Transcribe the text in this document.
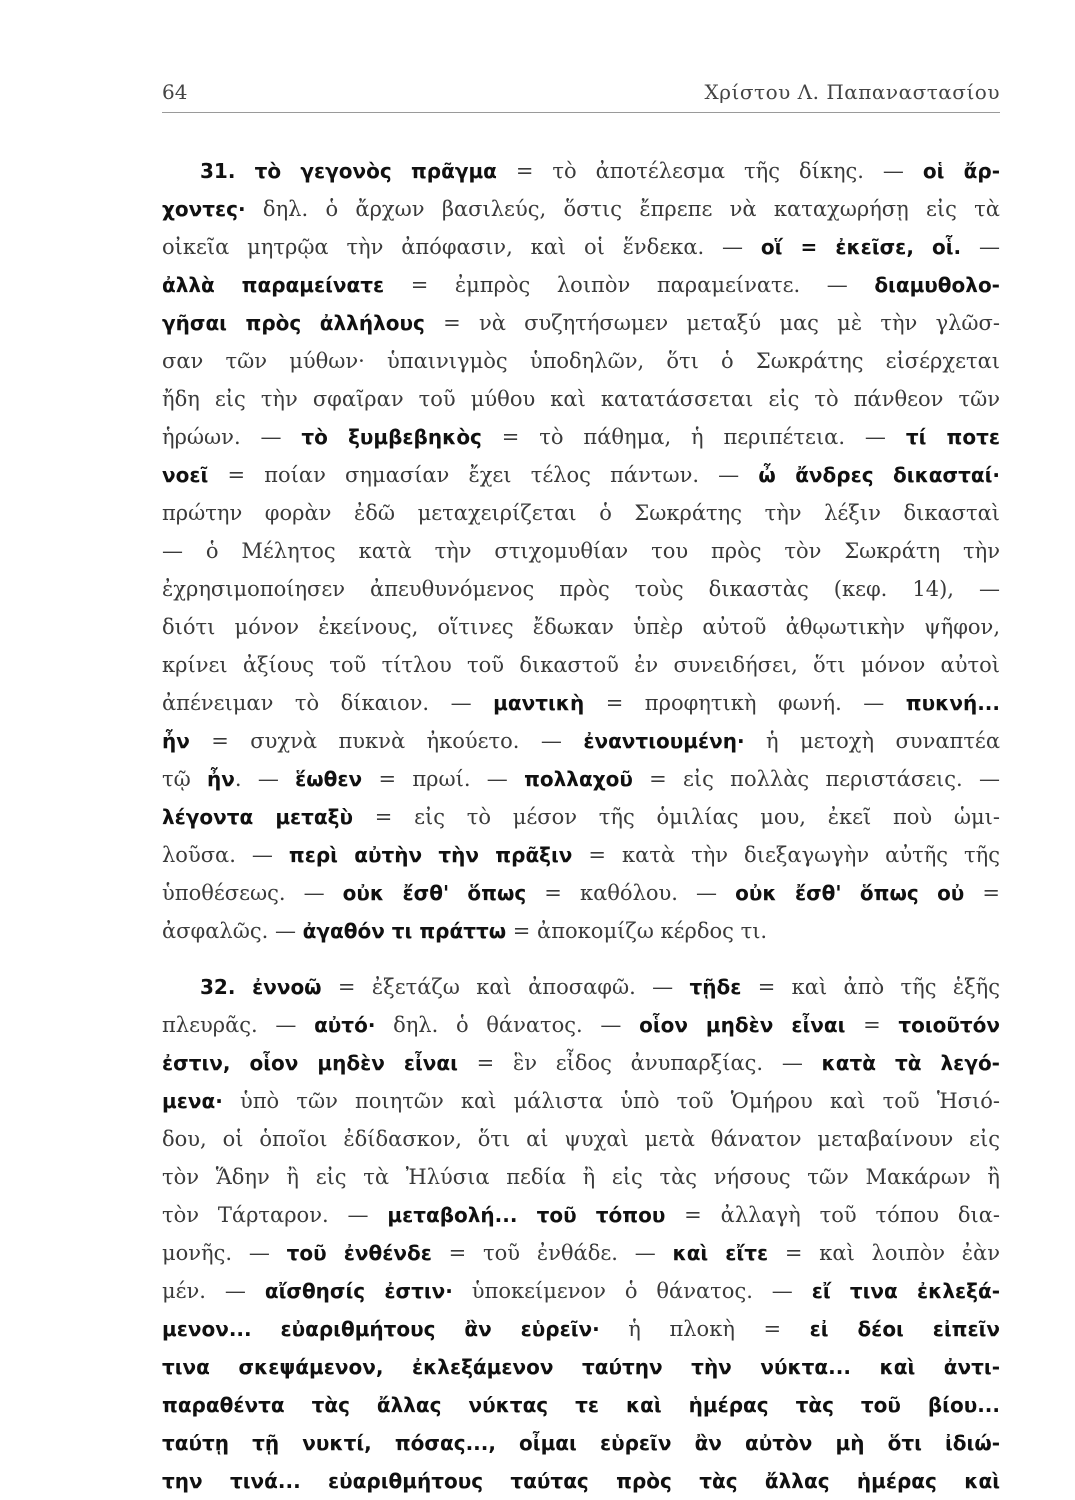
64	Χρίστου Λ. Παπαναστασίου
31. τὸ γεγονὸς πρᾶγμα = τὸ ἀποτέλεσμα τῆς δίκης. — οἱ ἄρ-
χοντες· δηλ. ὁ ἄρχων βασιλεύς, ὅστις ἔπρεπε νὰ καταχωρήσῃ εἰς τὰ
οἰκεῖα μητρῷα τὴν ἀπόφασιν, καὶ οἱ ἕνδεκα. — οἵ = ἐκεῖσε, οἷ. —
ἀλλὰ παραμείνατε = ἐμπρὸς λοιπὸν παραμείνατε. — διαμυθολο-
γῆσαι πρὸς ἀλλήλους = νὰ συζητήσωμεν μεταξύ μας μὲ τὴν γλῶσ-
σαν τῶν μύθων· ὑπαινιγμὸς ὑποδηλῶν, ὅτι ὁ Σωκράτης εἰσέρχεται
ἤδη εἰς τὴν σφαῖραν τοῦ μύθου καὶ κατατάσσεται εἰς τὸ πάνθεον τῶν
ἡρώων. — τὸ ξυμβεβηκὸς = τὸ πάθημα, ἡ περιπέτεια. — τί ποτε
νοεῖ = ποίαν σημασίαν ἔχει τέλος πάντων. — ὦ ἄνδρες δικασταί·
πρώτην φορὰν ἐδῶ μεταχειρίζεται ὁ Σωκράτης τὴν λέξιν δικασταὶ
— ὁ Μέλητος κατὰ τὴν στιχομυθίαν του πρὸς τὸν Σωκράτη τὴν
ἐχρησιμοποίησεν ἀπευθυνόμενος πρὸς τοὺς δικαστὰς (κεφ. 14), —
διότι μόνον ἐκείνους, οἵτινες ἔδωκαν ὑπὲρ αὐτοῦ ἀθῳωτικὴν ψῆφον,
κρίνει ἀξίους τοῦ τίτλου τοῦ δικαστοῦ ἐν συνειδήσει, ὅτι μόνον αὐτοὶ
ἀπένειμαν τὸ δίκαιον. — μαντικὴ = προφητικὴ φωνή. — πυκνή...
ἦν = συχνὰ πυκνὰ ἠκούετο. — ἐναντιουμένη· ἡ μετοχὴ συναπτέα
τῷ ἦν. — ἕωθεν = πρωί. — πολλαχοῦ = εἰς πολλὰς περιστάσεις. —
λέγοντα μεταξὺ = εἰς τὸ μέσον τῆς ὁμιλίας μου, ἐκεῖ ποὺ ὡμι-
λοῦσα. — περὶ αὐτὴν τὴν πρᾶξιν = κατὰ τὴν διεξαγωγὴν αὐτῆς τῆς
ὑποθέσεως. — οὐκ ἔσθ' ὅπως = καθόλου. — οὐκ ἔσθ' ὅπως οὐ =
ἀσφαλῶς. — ἀγαθόν τι πράττω = ἀποκομίζω κέρδος τι.
32. ἐννοῶ = ἐξετάζω καὶ ἀποσαφῶ. — τῇδε = καὶ ἀπὸ τῆς ἑξῆς
πλευρᾶς. — αὐτό· δηλ. ὁ θάνατος. — οἷον μηδὲν εἶναι = τοιοῦτόν
ἐστιν, οἷον μηδὲν εἶναι = ἓν εἶδος ἀνυπαρξίας. — κατὰ τὰ λεγό-
μενα· ὑπὸ τῶν ποιητῶν καὶ μάλιστα ὑπὸ τοῦ Ὁμήρου καὶ τοῦ Ἡσιό-
δου, οἱ ὁποῖοι ἐδίδασκον, ὅτι αἱ ψυχαὶ μετὰ θάνατον μεταβαίνουν εἰς
τὸν Ἅδην ἢ εἰς τὰ Ἠλύσια πεδία ἢ εἰς τὰς νήσους τῶν Μακάρων ἢ
τὸν Τάρταρον. — μεταβολή... τοῦ τόπου = ἀλλαγὴ τοῦ τόπου δια-
μονῆς. — τοῦ ἐνθένδε = τοῦ ἐνθάδε. — καὶ εἴτε = καὶ λοιπὸν ἐὰν
μέν. — αἴσθησίς ἐστιν· ὑποκείμενον ὁ θάνατος. — εἴ τινα ἐκλεξά-
μενον... εὐαριθμήτους ἂν εὑρεῖν· ἡ πλοκὴ = εἰ δέοι εἰπεῖν
τινα σκεψάμενον, ἐκλεξάμενον ταύτην τὴν νύκτα... καὶ ἀντι-
παραθέντα τὰς ἄλλας νύκτας τε καὶ ἡμέρας τὰς τοῦ βίου...
ταύτῃ τῇ νυκτί, πόσας..., οἶμαι εὑρεῖν ἂν αὐτὸν μὴ ὅτι ἰδιώ-
την τινά... εὐαριθμήτους ταύτας πρὸς τὰς ἄλλας ἡμέρας καὶ
